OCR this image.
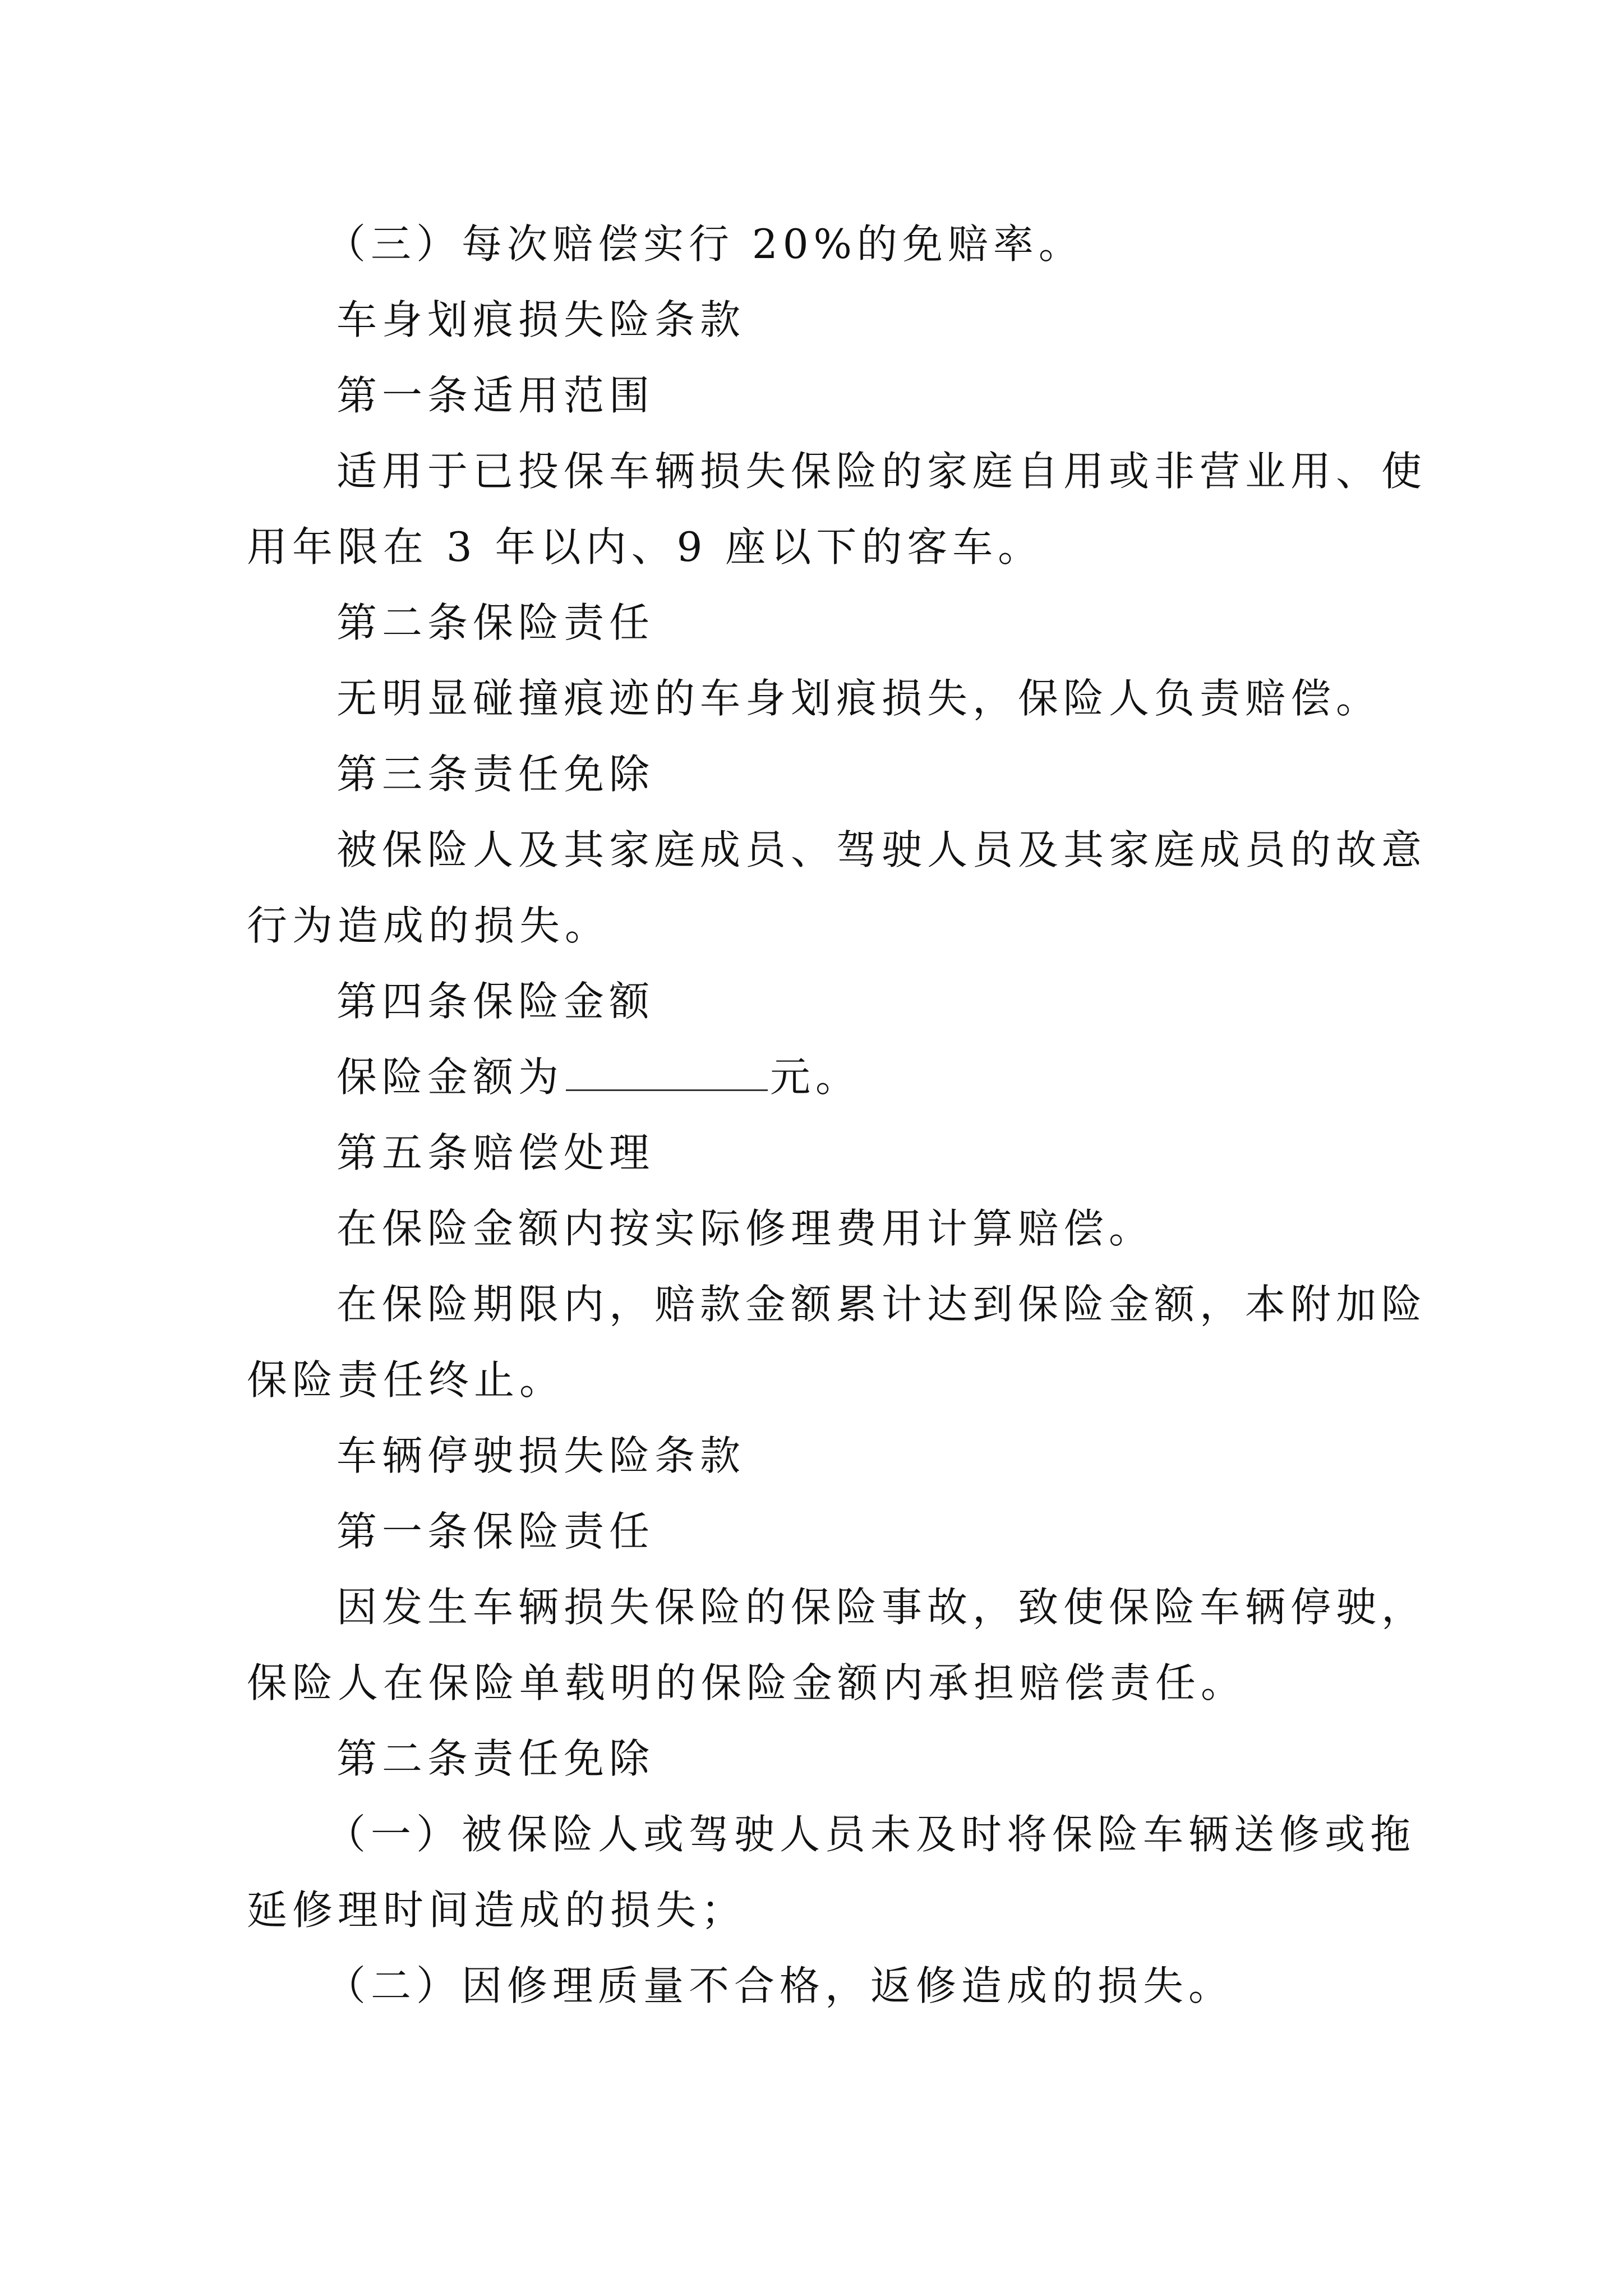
（三）每次赔偿实行 20%的免赔率。
车身划痕损失险条款
第一条适用范围
适用于已投保车辆损失保险的家庭自用或非营业用、使
用年限在 3 年以内、9 座以下的客车。
第二条保险责任
无明显碰撞痕迹的车身划痕损失，保险人负责赔偿。
第三条责任免除
被保险人及其家庭成员、驾驶人员及其家庭成员的故意
行为造成的损失。
第四条保险金额
保险金额为	元。
第五条赔偿处理
在保险金额内按实际修理费用计算赔偿。
在保险期限内，赔款金额累计达到保险金额，本附加险
保险责任终止。
车辆停驶损失险条款
第一条保险责任
因发生车辆损失保险的保险事故，致使保险车辆停驶，
保险人在保险单载明的保险金额内承担赔偿责任。
第二条责任免除
（一）被保险人或驾驶人员未及时将保险车辆送修或拖
延修理时间造成的损失；
（二）因修理质量不合格，返修造成的损失。
